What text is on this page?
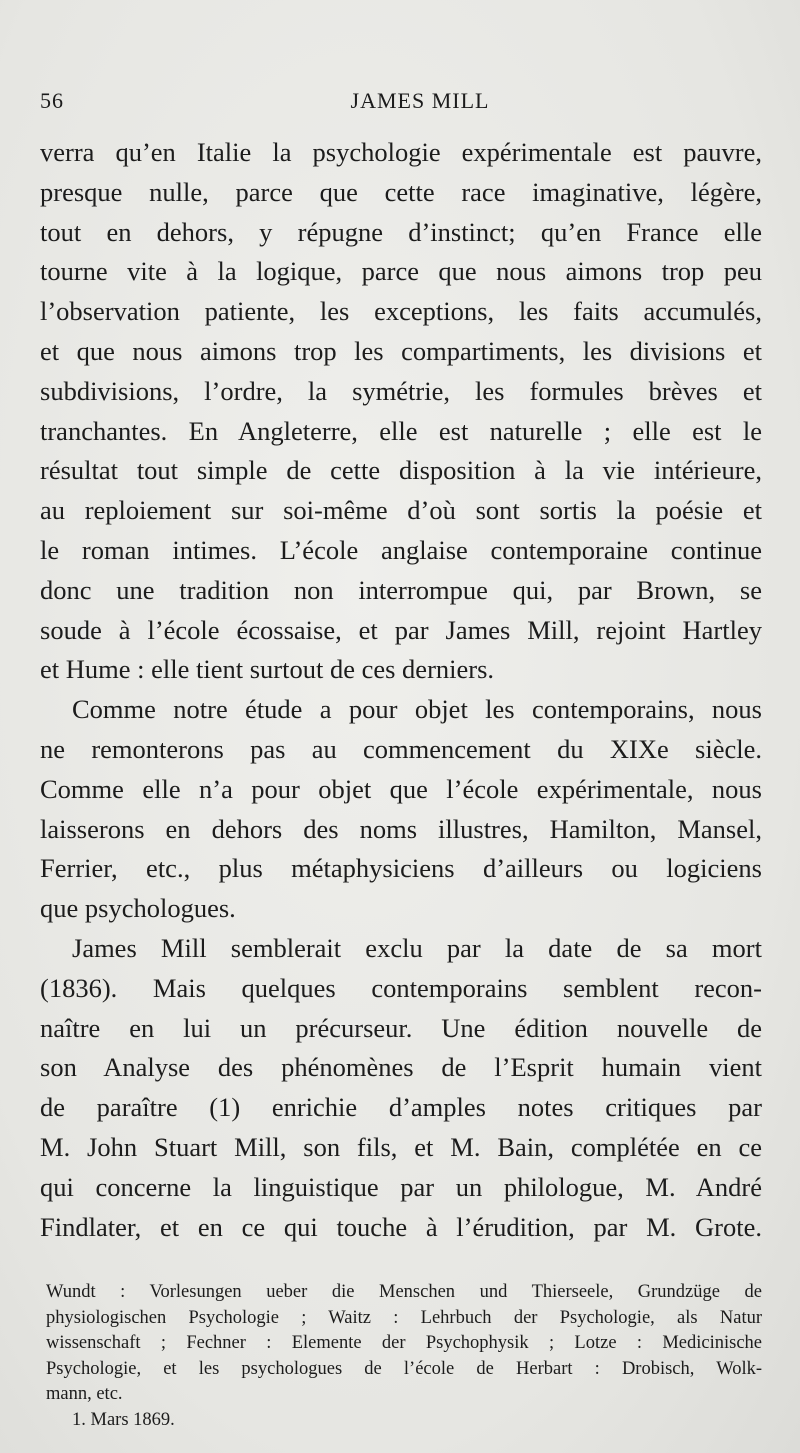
56	JAMES MILL
verra qu’en Italie la psychologie expérimentale est pauvre,
presque nulle, parce que cette race imaginative, légère,
tout en dehors, y répugne d’instinct; qu’en France elle
tourne vite à la logique, parce que nous aimons trop peu
l’observation patiente, les exceptions, les faits accumulés,
et que nous aimons trop les compartiments, les divisions et
subdivisions, l’ordre, la symétrie, les formules brèves et
tranchantes. En Angleterre, elle est naturelle ; elle est le
résultat tout simple de cette disposition à la vie intérieure,
au reploiement sur soi-même d’où sont sortis la poésie et
le roman intimes. L’école anglaise contemporaine continue
donc une tradition non interrompue qui, par Brown, se
soude à l’école écossaise, et par James Mill, rejoint Hartley
et Hume : elle tient surtout de ces derniers.
Comme notre étude a pour objet les contemporains, nous
ne remonterons pas au commencement du XIXe siècle.
Comme elle n’a pour objet que l’école expérimentale, nous
laisserons en dehors des noms illustres, Hamilton, Mansel,
Ferrier, etc., plus métaphysiciens d’ailleurs ou logiciens
que psychologues.
James Mill semblerait exclu par la date de sa mort
(1836). Mais quelques contemporains semblent recon-
naître en lui un précurseur. Une édition nouvelle de
son Analyse des phénomènes de l’Esprit humain vient
de paraître (1) enrichie d’amples notes critiques par
M. John Stuart Mill, son fils, et M. Bain, complétée en ce
qui concerne la linguistique par un philologue, M. André
Findlater, et en ce qui touche à l’érudition, par M. Grote.
Wundt : Vorlesungen ueber die Menschen und Thierseele, Grundzüge de
physiologischen Psychologie ; Waitz : Lehrbuch der Psychologie, als Natur
wissenschaft ; Fechner : Elemente der Psychophysik ; Lotze : Medicinische
Psychologie, et les psychologues de l’école de Herbart : Drobisch, Wolk-
mann, etc.
1. Mars 1869.
